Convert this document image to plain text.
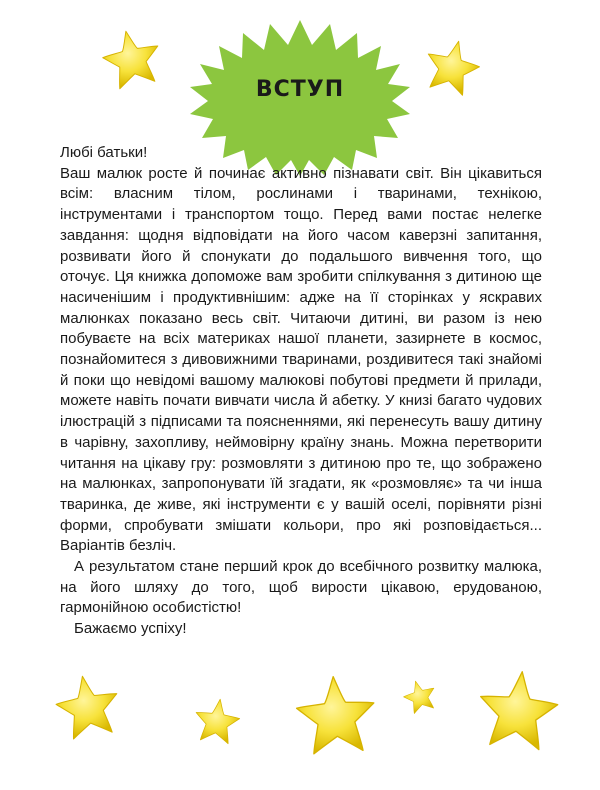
ВСТУП

Любі батьки!

Ваш малюк росте й починає активно пізнавати світ. Він цікавиться всім: власним тілом, рослинами і тваринами, технікою, інструментами і транспортом тощо. Перед вами постає нелегке завдання: щодня відповідати на його часом каверзні запитання, розвивати його й спонукати до подальшого вивчення того, що оточує. Ця книжка допоможе вам зробити спілкування з дитиною ще насиченішим і продуктивнішим: адже на її сторінках у яскравих малюнках показано весь світ. Читаючи дитині, ви разом із нею побуваєте на всіх материках нашої планети, зазирнете в космос, познайомитеся з дивовижними тваринами, роздивитеся такі знайомі й поки що невідомі вашому малюкові побутові предмети й прилади, можете навіть почати вивчати числа й абетку. У книзі багато чудових ілюстрацій з підписами та поясненнями, які перенесуть вашу дитину в чарівну, захопливу, неймовірну країну знань. Можна перетворити читання на цікаву гру: розмовляти з дитиною про те, що зображено на малюнках, запропонувати їй згадати, як «розмовляє» та чи інша тваринка, де живе, які інструменти є у вашій оселі, порівняти різні форми, спробувати змішати кольори, про які розповідається... Варіантів безліч.

А результатом стане перший крок до всебічного розвитку малюка, на його шляху до того, щоб вирости цікавою, ерудованою, гармонійною особистістю!

Бажаємо успіху!
